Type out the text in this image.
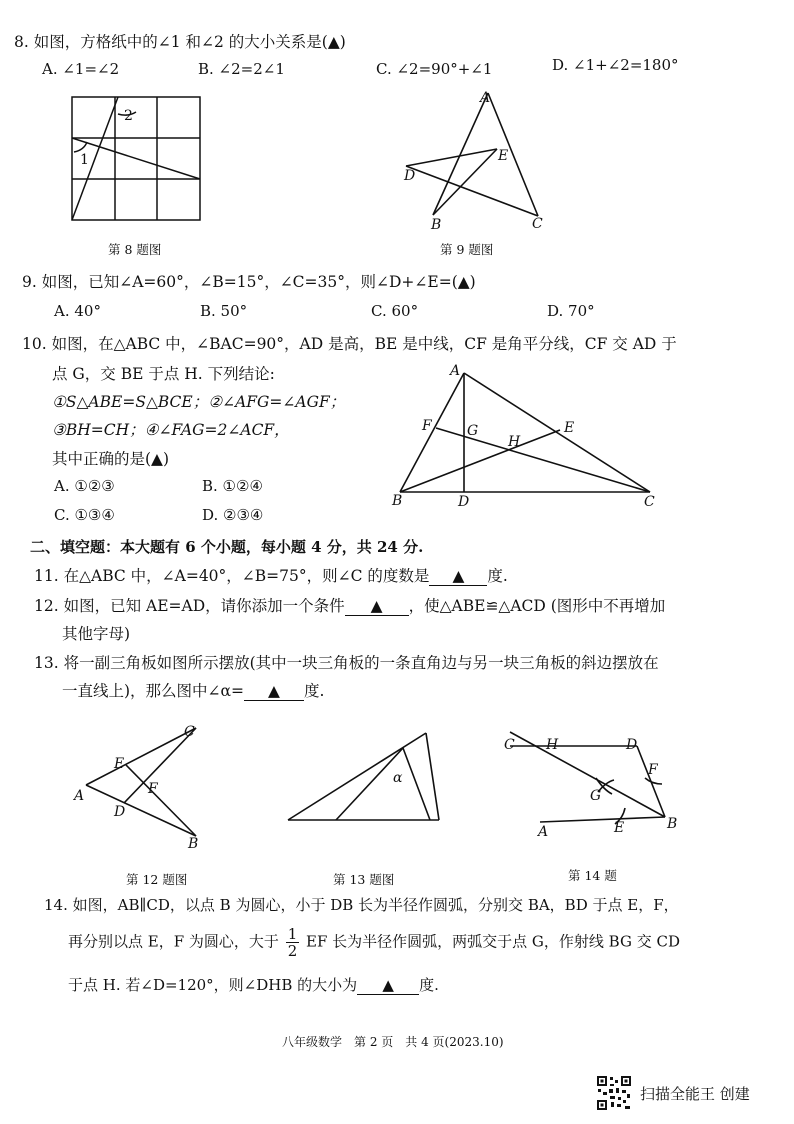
8. 如图，方格纸中的∠1 和∠2 的大小关系是(▲)
A. ∠1=∠2	B. ∠2=2∠1	C. ∠2=90°+∠1	D. ∠1+∠2=180°
1
2
第 8 题图
A
B	C
D
E
第 9 题图
9. 如图，已知∠A=60°，∠B=15°，∠C=35°，则∠D+∠E=(▲)
A. 40°	B. 50°	C. 60°	D. 70°
10. 如图，在△ABC 中，∠BAC=90°，AD 是高，BE 是中线，CF 是角平分线，CF 交 AD 于
点 G，交 BE 于点 H. 下列结论:
①S△ABE=S△BCE；②∠AFG=∠AGF；
③BH=CH；④∠FAG=2∠ACF，
其中正确的是(▲)
A. ①②③	B. ①②④
C. ①③④	D. ②③④
A
B	C
D
E
F	G
H
二、填空题：本大题有 6 个小题，每小题 4 分，共 24 分.
11. 在△ABC 中，∠A=40°，∠B=75°，则∠C 的度数是 ▲ 度.
12. 如图，已知 AE=AD，请你添加一个条件 ▲ ，使△ABE≌△ACD (图形中不再增加
其他字母)
13. 将一副三角板如图所示摆放(其中一块三角板的一条直角边与另一块三角板的斜边摆放在
一直线上)，那么图中∠α= ▲ 度.
C
A
B
E
D
F
第 12 题图
α
第 13 题图
C H	D
F
G
A	E	B
第 14 题
14. 如图，AB∥CD，以点 B 为圆心，小于 DB 长为半径作圆弧，分别交 BA，BD 于点 E，F，
再分别以点 E，F 为圆心，大于 $\frac{1}{2}$ EF 长为半径作圆弧，两弧交于点 G，作射线 BG 交 CD
于点 H. 若∠D=120°，则∠DHB 的大小为 ▲ 度.
八年级数学　第 2 页　共 4 页(2023.10)
扫描全能王 创建
